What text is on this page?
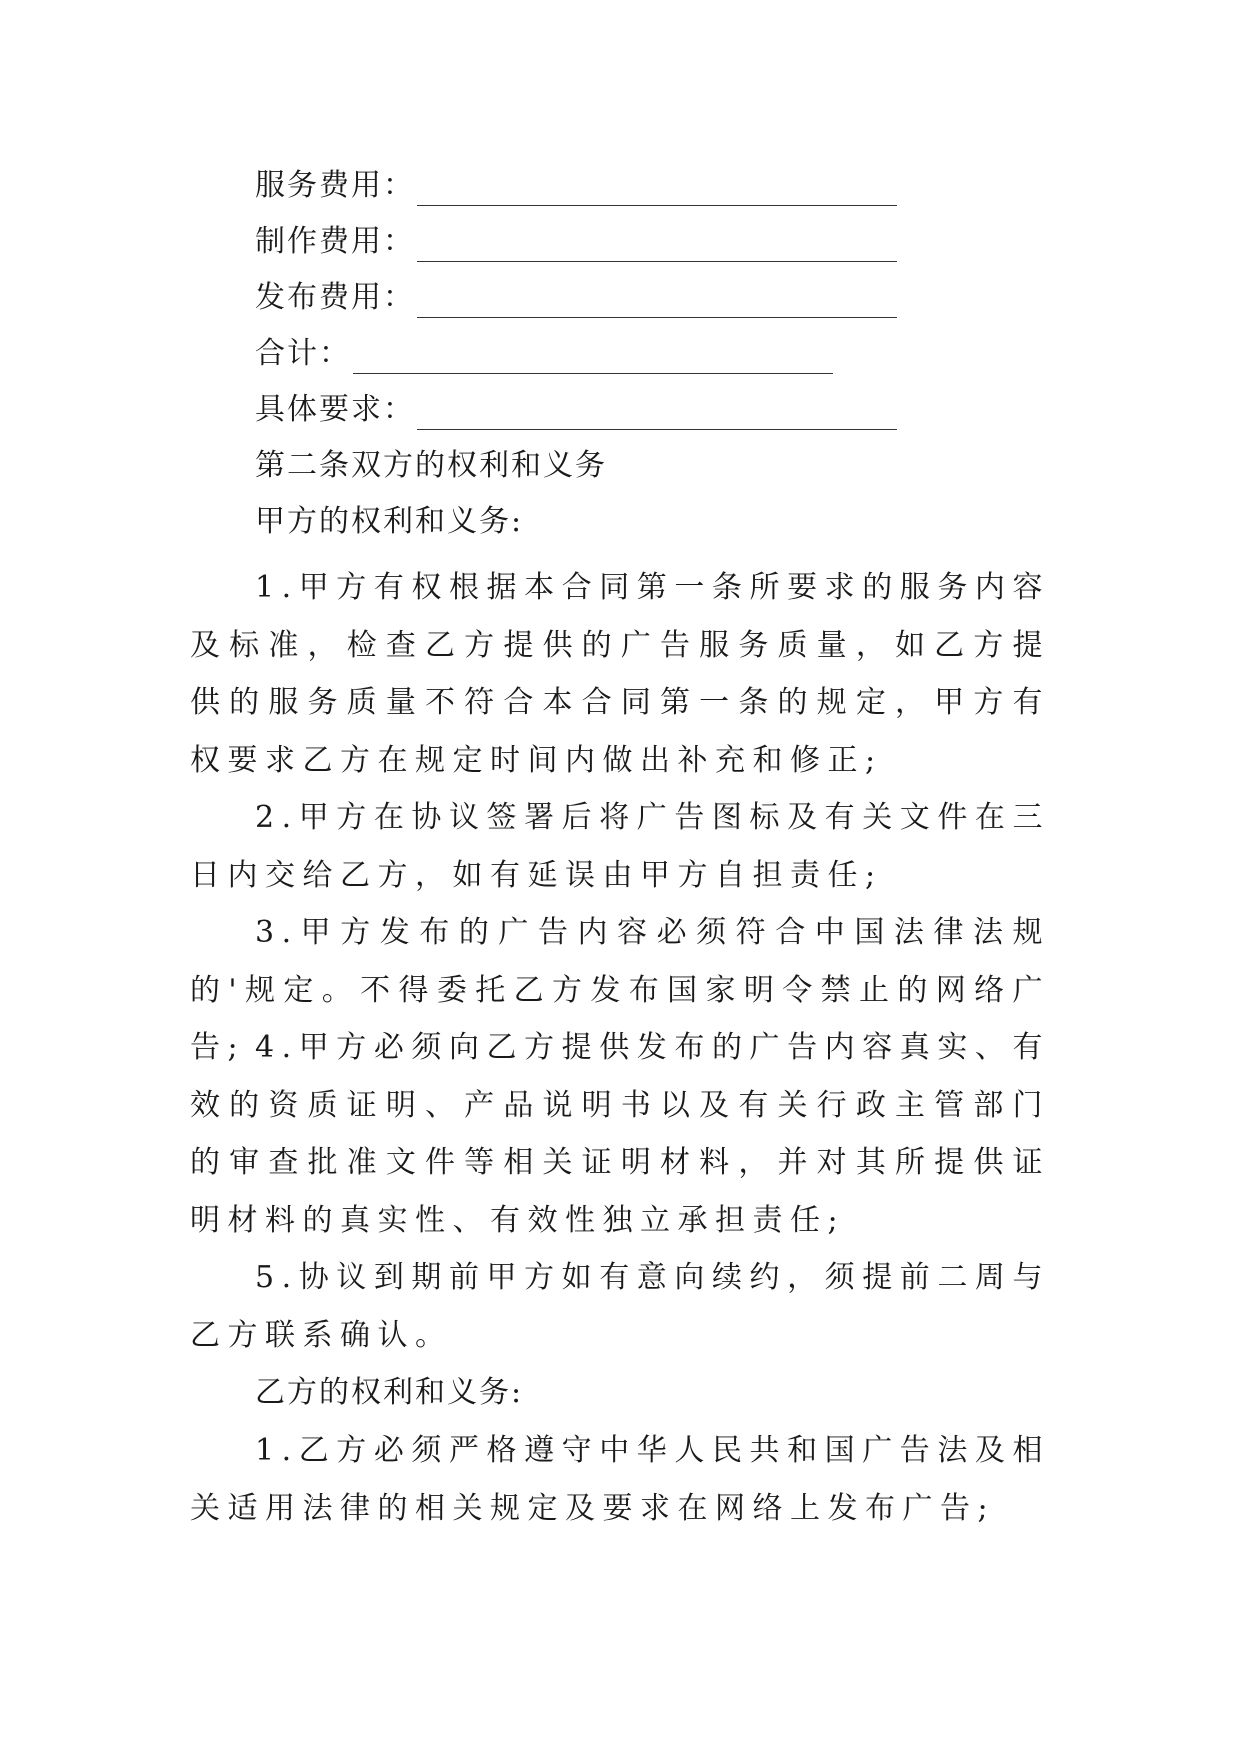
服务费用：
制作费用：
发布费用：
合计：
具体要求：
第二条双方的权利和义务
甲方的权利和义务:
1.甲方有权根据本合同第一条所要求的服务内容及标准，检查乙方提供的广告服务质量，如乙方提供的服务质量不符合本合同第一条的规定，甲方有权要求乙方在规定时间内做出补充和修正;
2.甲方在协议签署后将广告图标及有关文件在三日内交给乙方，如有延误由甲方自担责任;
3.甲方发布的广告内容必须符合中国法律法规的'规定。不得委托乙方发布国家明令禁止的网络广告; 4.甲方必须向乙方提供发布的广告内容真实、有效的资质证明、产品说明书以及有关行政主管部门的审查批准文件等相关证明材料，并对其所提供证明材料的真实性、有效性独立承担责任;
5.协议到期前甲方如有意向续约，须提前二周与乙方联系确认。
乙方的权利和义务:
1.乙方必须严格遵守中华人民共和国广告法及相关适用法律的相关规定及要求在网络上发布广告;
